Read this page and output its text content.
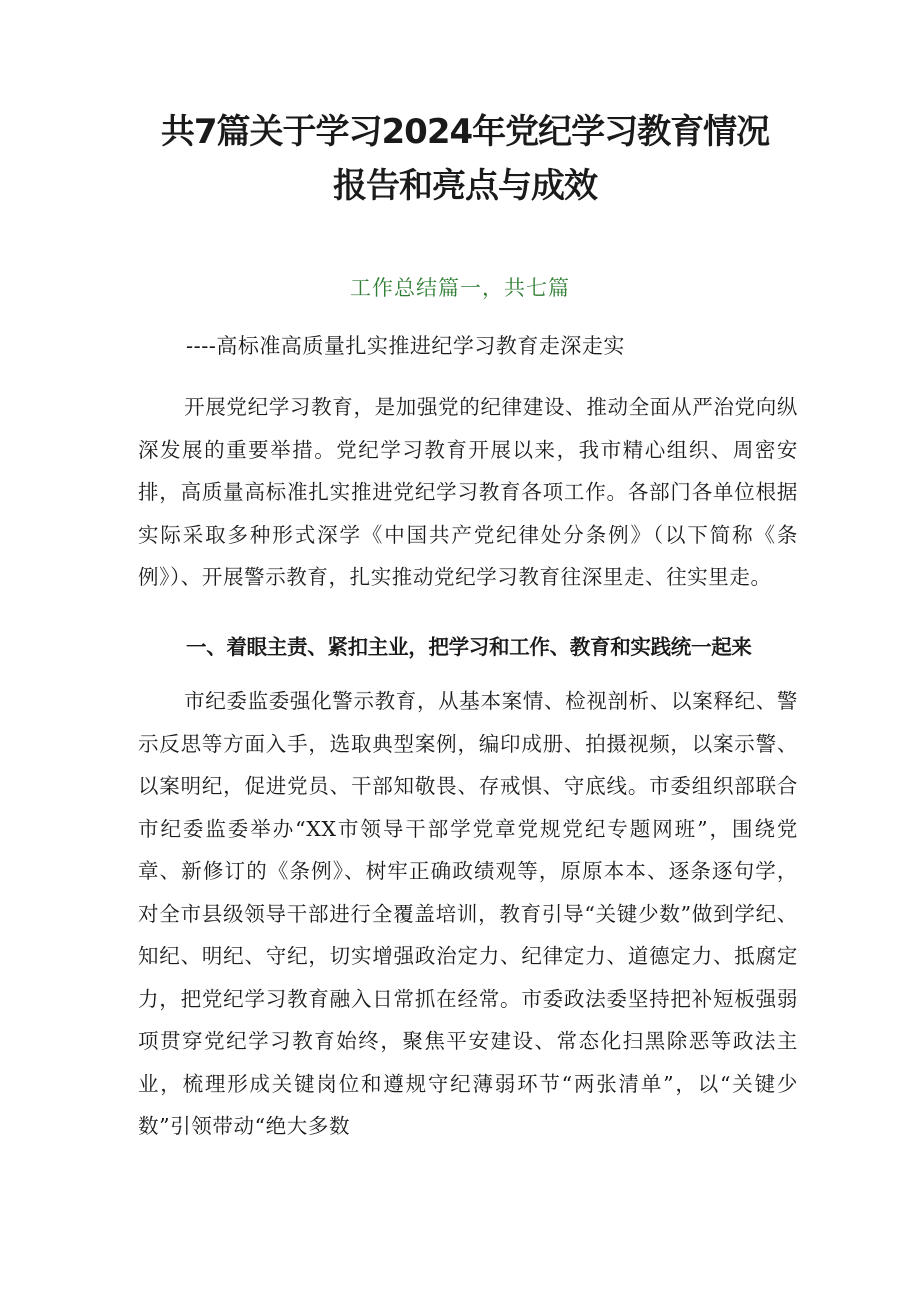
共7篇关于学习2024年党纪学习教育情况
报告和亮点与成效
工作总结篇一，共七篇
----高标准高质量扎实推进纪学习教育走深走实
开展党纪学习教育，是加强党的纪律建设、推动全面从严治党向纵深发展的重要举措。党纪学习教育开展以来，我市精心组织、周密安排，高质量高标准扎实推进党纪学习教育各项工作。各部门各单位根据实际采取多种形式深学《中国共产党纪律处分条例》（以下简称《条例》）、开展警示教育，扎实推动党纪学习教育往深里走、往实里走。
一、着眼主责、紧扣主业，把学习和工作、教育和实践统一起来
市纪委监委强化警示教育，从基本案情、检视剖析、以案释纪、警示反思等方面入手，选取典型案例，编印成册、拍摄视频，以案示警、以案明纪，促进党员、干部知敬畏、存戒惧、守底线。市委组织部联合市纪委监委举办“XX市领导干部学党章党规党纪专题网班”，围绕党章、新修订的《条例》、树牢正确政绩观等，原原本本、逐条逐句学，对全市县级领导干部进行全覆盖培训，教育引导“关键少数”做到学纪、知纪、明纪、守纪，切实增强政治定力、纪律定力、道德定力、抵腐定力，把党纪学习教育融入日常抓在经常。市委政法委坚持把补短板强弱项贯穿党纪学习教育始终，聚焦平安建设、常态化扫黑除恶等政法主业，梳理形成关键岗位和遵规守纪薄弱环节“两张清单”，以“关键少数”引领带动“绝大多数
